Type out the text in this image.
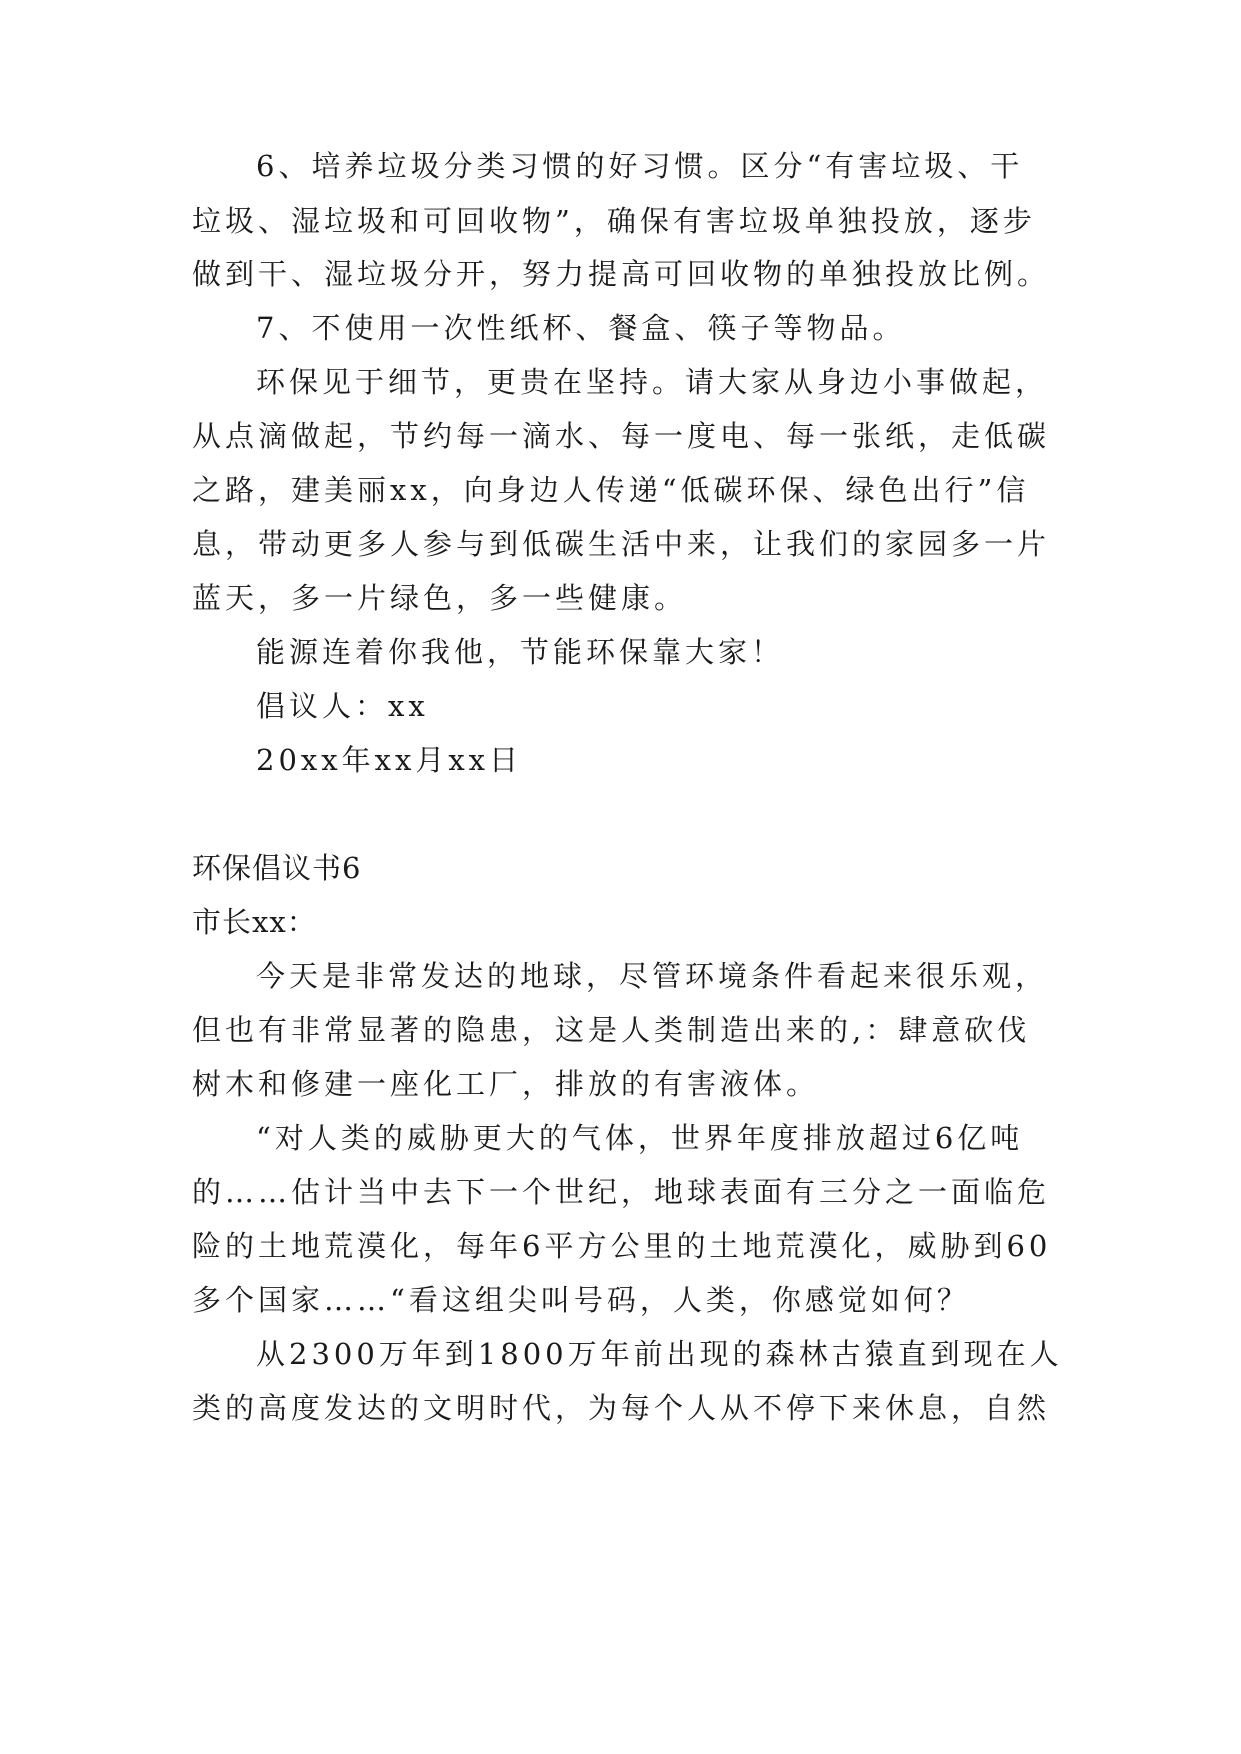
6、培养垃圾分类习惯的好习惯。区分“有害垃圾、干

垃圾、湿垃圾和可回收物”，确保有害垃圾单独投放，逐步

做到干、湿垃圾分开，努力提高可回收物的单独投放比例。

7、不使用一次性纸杯、餐盒、筷子等物品。

环保见于细节，更贵在坚持。请大家从身边小事做起，

从点滴做起，节约每一滴水、每一度电、每一张纸，走低碳

之路，建美丽xx，向身边人传递“低碳环保、绿色出行”信

息，带动更多人参与到低碳生活中来，让我们的家园多一片

蓝天，多一片绿色，多一些健康。

能源连着你我他，节能环保靠大家！

倡议人：xx

20xx年xx月xx日

环保倡议书6

市长xx：

今天是非常发达的地球，尽管环境条件看起来很乐观，

但也有非常显著的隐患，这是人类制造出来的,：肆意砍伐

树木和修建一座化工厂，排放的有害液体。

“对人类的威胁更大的气体，世界年度排放超过6亿吨

的……估计当中去下一个世纪，地球表面有三分之一面临危

险的土地荒漠化，每年6平方公里的土地荒漠化，威胁到60

多个国家……“看这组尖叫号码，人类，你感觉如何？

从2300万年到1800万年前出现的森林古猿直到现在人

类的高度发达的文明时代，为每个人从不停下来休息，自然
